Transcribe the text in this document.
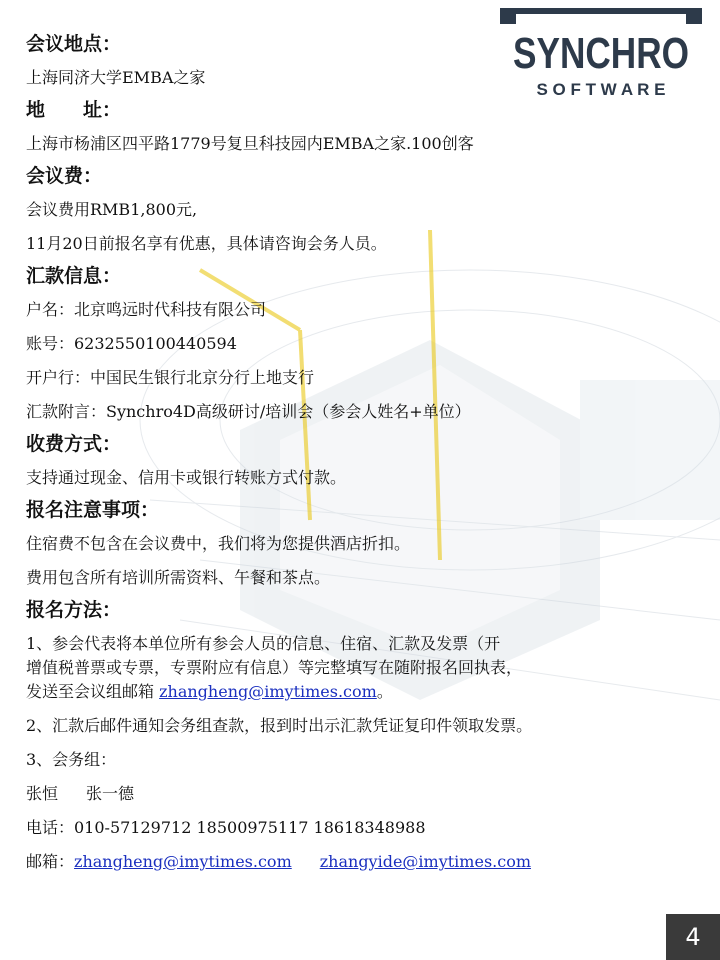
SYNCHRO
S O F T W A R E

会议地点：

上海同济大学EMBA之家

地　　址：

上海市杨浦区四平路1779号复旦科技园内EMBA之家.100创客

会议费：

会议费用RMB1,800元,

11月20日前报名享有优惠，具体请咨询会务人员。

汇款信息：

户名：北京鸣远时代科技有限公司

账号：6232550100440594

开户行：中国民生银行北京分行上地支行

汇款附言：Synchro4D高级研讨/培训会（参会人姓名+单位）

收费方式：

支持通过现金、信用卡或银行转账方式付款。

报名注意事项：

住宿费不包含在会议费中，我们将为您提供酒店折扣。

费用包含所有培训所需资料、午餐和茶点。

报名方法：

1、参会代表将本单位所有参会人员的信息、住宿、汇款及发票（开

增值税普票或专票，专票附应有信息）等完整填写在随附报名回执表，

发送至会议组邮箱 zhangheng@imytimes.com。

2、汇款后邮件通知会务组查款，报到时出示汇款凭证复印件领取发票。

3、会务组：

张恒 张一德

电话：010-57129712 18500975117 18618348988

邮箱：zhangheng@imytimes.com zhangyide@imytimes.com

4
